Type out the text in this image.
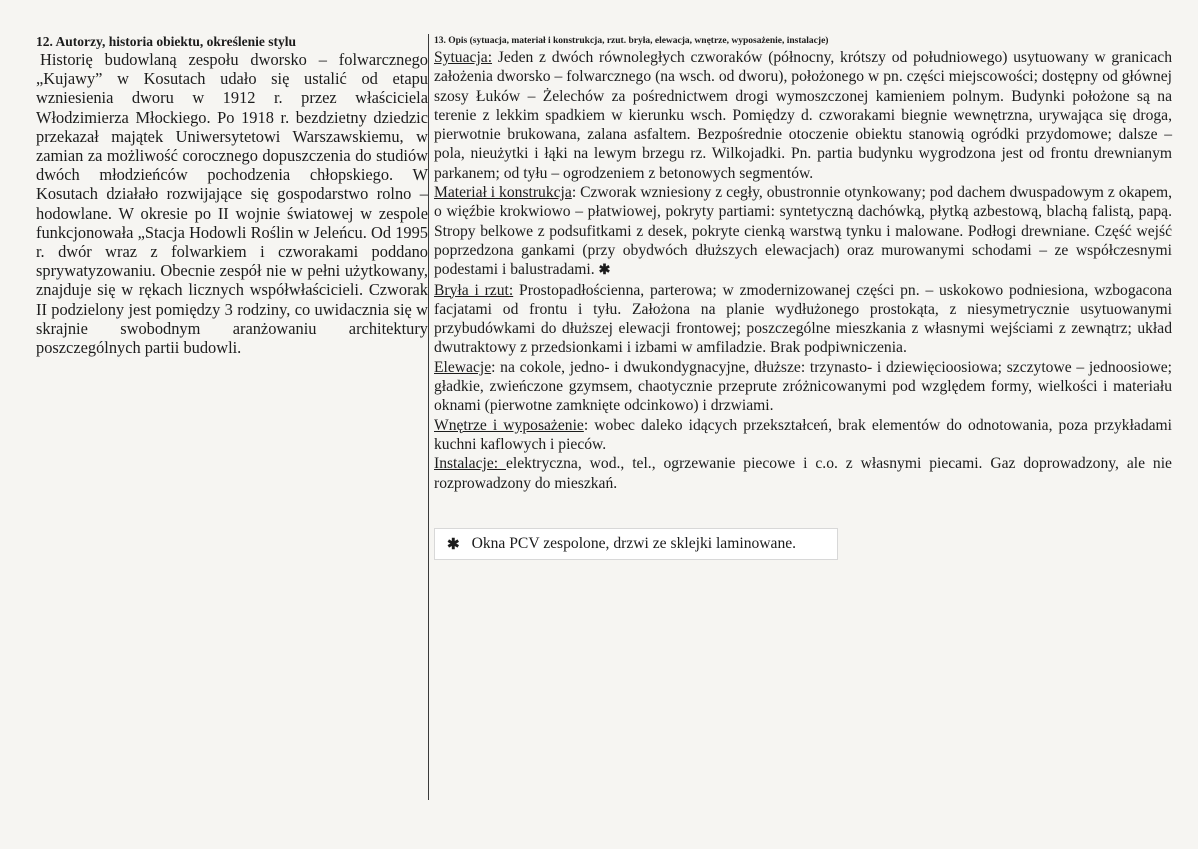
12. Autorzy, historia obiektu, określenie stylu

Historię budowlaną zespołu dworsko – folwarcznego „Kujawy” w Kosutach udało się ustalić od etapu wzniesienia dworu w 1912 r. przez właściciela Włodzimierza Młockiego. Po 1918 r. bezdzietny dziedzic przekazał majątek Uniwersytetowi Warszawskiemu, w zamian za możliwość corocznego dopuszczenia do studiów dwóch młodzieńców pochodzenia chłopskiego. W Kosutach działało rozwijające się gospodarstwo rolno – hodowlane. W okresie po II wojnie światowej w zespole funkcjonowała „Stacja Hodowli Roślin w Jeleńcu. Od 1995 r. dwór wraz z folwarkiem i czworakami poddano sprywatyzowaniu. Obecnie zespół nie w pełni użytkowany, znajduje się w rękach licznych współwłaścicieli. Czworak II podzielony jest pomiędzy 3 rodziny, co uwidacznia się w skrajnie swobodnym aranżowaniu architektury poszczególnych partii budowli.

13. Opis (sytuacja, materiał i konstrukcja, rzut. bryła, elewacja, wnętrze, wyposażenie, instalacje)

Sytuacja: Jeden z dwóch równoległych czworaków (północny, krótszy od południowego) usytuowany w granicach założenia dworsko – folwarcznego (na wsch. od dworu), położonego w pn. części miejscowości; dostępny od głównej szosy Łuków – Żelechów za pośrednictwem drogi wymoszczonej kamieniem polnym. Budynki położone są na terenie z lekkim spadkiem w kierunku wsch. Pomiędzy d. czworakami biegnie wewnętrzna, urywająca się droga, pierwotnie brukowana, zalana asfaltem. Bezpośrednie otoczenie obiektu stanowią ogródki przydomowe; dalsze – pola, nieużytki i łąki na lewym brzegu rz. Wilkojadki. Pn. partia budynku wygrodzona jest od frontu drewnianym parkanem; od tyłu – ogrodzeniem z betonowych segmentów.

Materiał i konstrukcja: Czworak wzniesiony z cegły, obustronnie otynkowany; pod dachem dwuspadowym z okapem, o więźbie krokwiowo – płatwiowej, pokryty partiami: syntetyczną dachówką, płytką azbestową, blachą falistą, papą. Stropy belkowe z podsufitkami z desek, pokryte cienką warstwą tynku i malowane. Podłogi drewniane. Część wejść poprzedzona gankami (przy obydwóch dłuższych elewacjach) oraz murowanymi schodami – ze współczesnymi podestami i balustradami. ✱

Bryła i rzut: Prostopadłościenna, parterowa; w zmodernizowanej części pn. – uskokowo podniesiona, wzbogacona facjatami od frontu i tyłu. Założona na planie wydłużonego prostokąta, z niesymetrycznie usytuowanymi przybudówkami do dłuższej elewacji frontowej; poszczególne mieszkania z własnymi wejściami z zewnątrz; układ dwutraktowy z przedsionkami i izbami w amfiladzie. Brak podpiwniczenia.

Elewacje: na cokole, jedno- i dwukondygnacyjne, dłuższe: trzynasto- i dziewięcioosiowa; szczytowe – jednoosiowe; gładkie, zwieńczone gzymsem, chaotycznie przeprute zróżnicowanymi pod względem formy, wielkości i materiału oknami (pierwotne zamknięte odcinkowo) i drzwiami.

Wnętrze i wyposażenie: wobec daleko idących przekształceń, brak elementów do odnotowania, poza przykładami kuchni kaflowych i pieców.

Instalacje: elektryczna, wod., tel., ogrzewanie piecowe i c.o. z własnymi piecami. Gaz doprowadzony, ale nie rozprowadzony do mieszkań.

✱ Okna PCV zespolone, drzwi ze sklejki laminowane.
